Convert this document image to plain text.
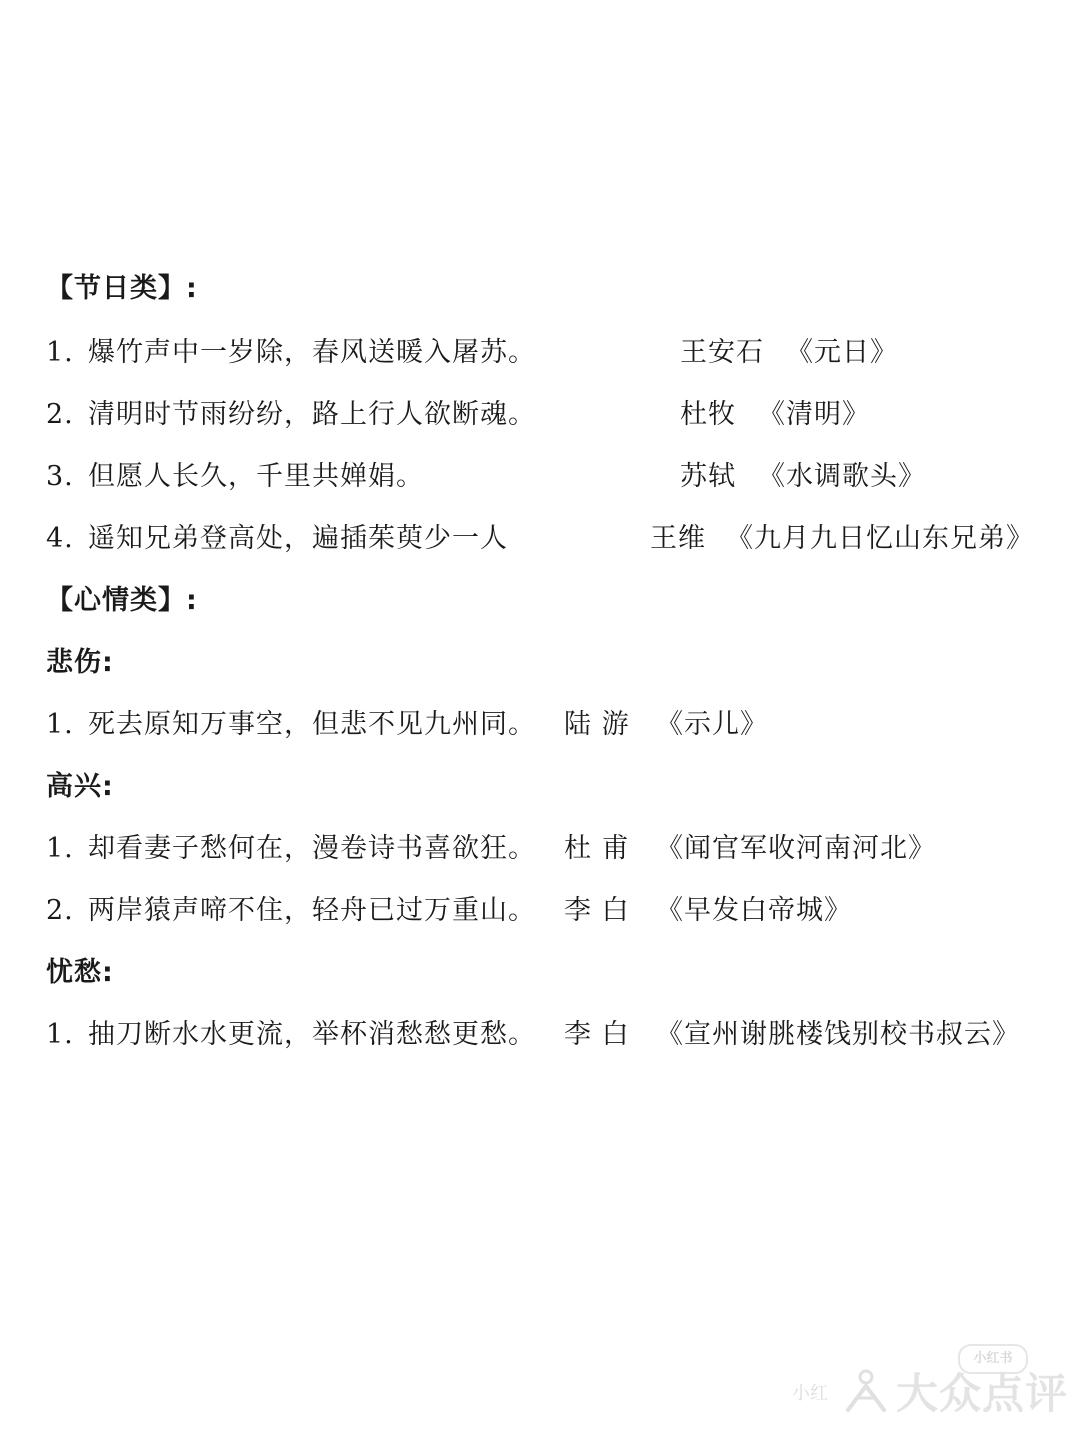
【节日类】:
1. 爆竹声中一岁除，春风送暖入屠苏。	王安石 《元日》
2. 清明时节雨纷纷，路上行人欲断魂。	杜牧 《清明》
3. 但愿人长久，千里共婵娟。	苏轼 《水调歌头》
4. 遥知兄弟登高处，遍插茱萸少一人	王维 《九月九日忆山东兄弟》
【心情类】:
悲伤:
1. 死去原知万事空，但悲不见九州同。 陆 游 《示儿》
高兴:
1. 却看妻子愁何在，漫卷诗书喜欲狂。 杜 甫 《闻官军收河南河北》
2. 两岸猿声啼不住，轻舟已过万重山。 李 白 《早发白帝城》
忧愁:
1. 抽刀断水水更流，举杯消愁愁更愁。 李 白 《宣州谢朓楼饯别校书叔云》
小红书
小红 大众点评
